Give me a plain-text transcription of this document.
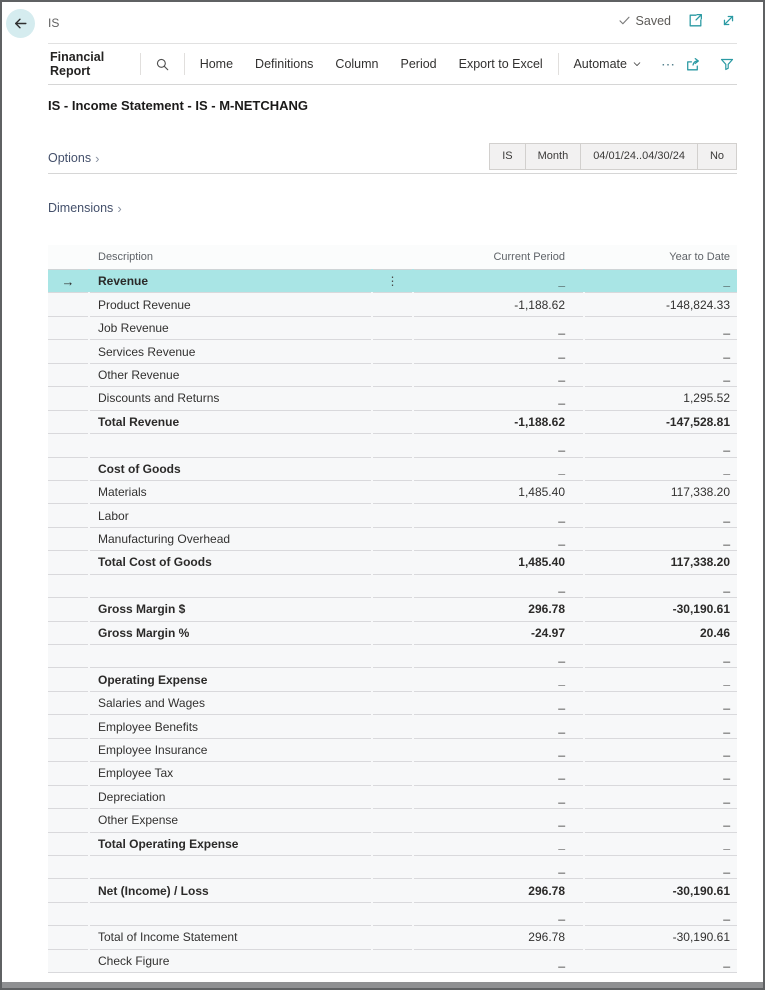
IS	Saved
Financial Report	Home	Definitions	Column	Period	Export to Excel	Automate	⋯
IS - Income Statement - IS - M-NETCHANG
Options ›	IS	Month	04/01/24..04/30/24	No
Dimensions ›
Description	Current Period	Year to Date
→	Revenue	⋮	_	_
Product Revenue	-1,188.62	-148,824.33
Job Revenue	_	_
Services Revenue	_	_
Other Revenue	_	_
Discounts and Returns	_	1,295.52
Total Revenue	-1,188.62	-147,528.81
_	_
Cost of Goods	_	_
Materials	1,485.40	117,338.20
Labor	_	_
Manufacturing Overhead	_	_
Total Cost of Goods	1,485.40	117,338.20
_	_
Gross Margin $	296.78	-30,190.61
Gross Margin %	-24.97	20.46
_	_
Operating Expense	_	_
Salaries and Wages	_	_
Employee Benefits	_	_
Employee Insurance	_	_
Employee Tax	_	_
Depreciation	_	_
Other Expense	_	_
Total Operating Expense	_	_
_	_
Net (Income) / Loss	296.78	-30,190.61
_	_
Total of Income Statement	296.78	-30,190.61
Check Figure	_	_
